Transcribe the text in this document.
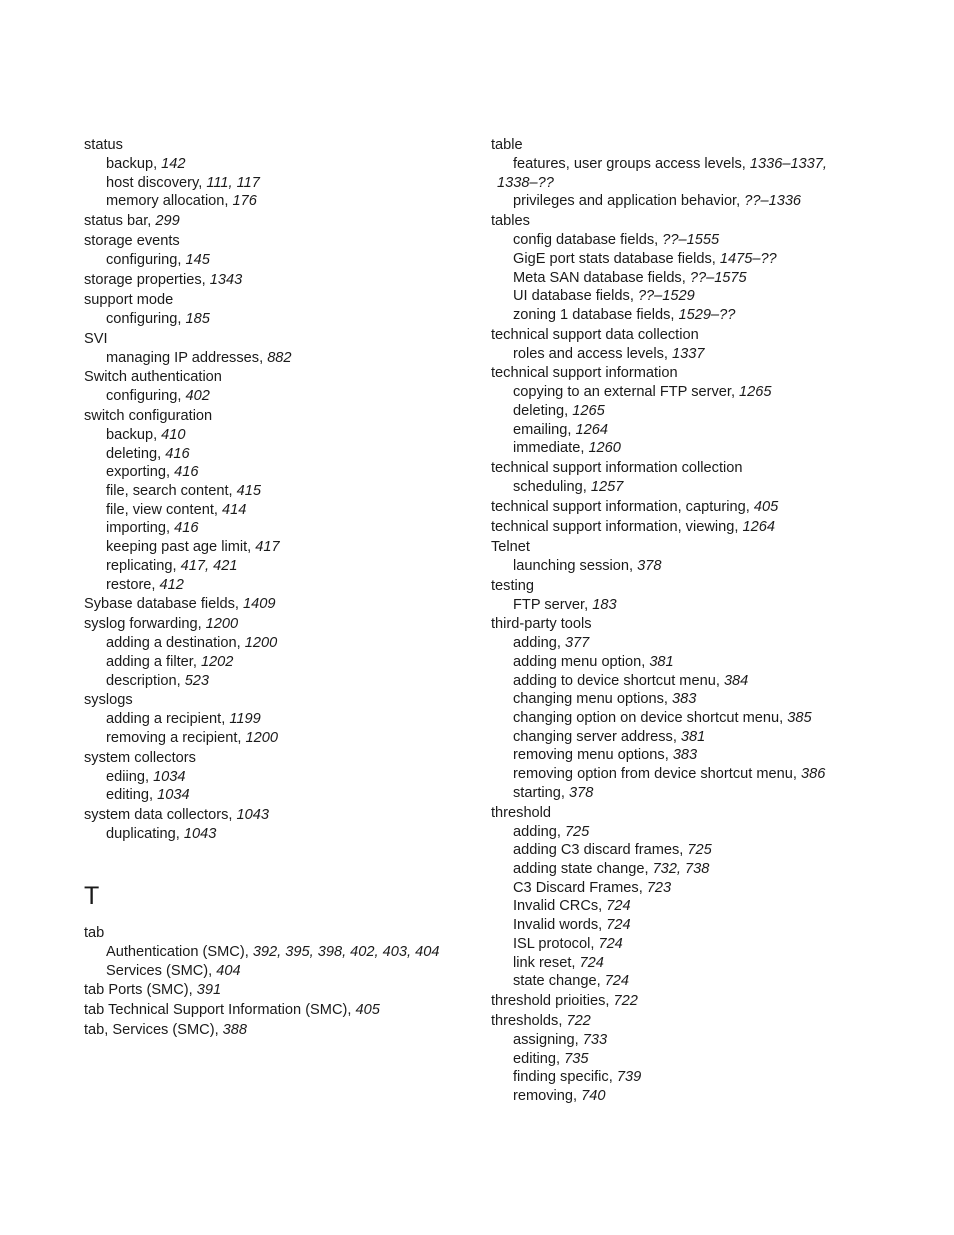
status
backup, 142
host discovery, 111, 117
memory allocation, 176
status bar, 299
storage events
configuring, 145
storage properties, 1343
support mode
configuring, 185
SVI
managing IP addresses, 882
Switch authentication
configuring, 402
switch configuration
backup, 410
deleting, 416
exporting, 416
file, search content, 415
file, view content, 414
importing, 416
keeping past age limit, 417
replicating, 417, 421
restore, 412
Sybase database fields, 1409
syslog forwarding, 1200
adding a destination, 1200
adding a filter, 1202
description, 523
syslogs
adding a recipient, 1199
removing a recipient, 1200
system collectors
ediing, 1034
editing, 1034
system data collectors, 1043
duplicating, 1043
T
tab
Authentication (SMC), 392, 395, 398, 402, 403, 404
Services (SMC), 404
tab Ports (SMC), 391
tab Technical Support Information (SMC), 405
tab, Services (SMC), 388
table
features, user groups access levels, 1336–1337,
1338–??
privileges and application behavior, ??–1336
tables
config database fields, ??–1555
GigE port stats database fields, 1475–??
Meta SAN database fields, ??–1575
UI database fields, ??–1529
zoning 1 database fields, 1529–??
technical support data collection
roles and access levels, 1337
technical support information
copying to an external FTP server, 1265
deleting, 1265
emailing, 1264
immediate, 1260
technical support information collection
scheduling, 1257
technical support information, capturing, 405
technical support information, viewing, 1264
Telnet
launching session, 378
testing
FTP server, 183
third-party tools
adding, 377
adding menu option, 381
adding to device shortcut menu, 384
changing menu options, 383
changing option on device shortcut menu, 385
changing server address, 381
removing menu options, 383
removing option from device shortcut menu, 386
starting, 378
threshold
adding, 725
adding C3 discard frames, 725
adding state change, 732, 738
C3 Discard Frames, 723
Invalid CRCs, 724
Invalid words, 724
ISL protocol, 724
link reset, 724
state change, 724
threshold prioities, 722
thresholds, 722
assigning, 733
editing, 735
finding specific, 739
removing, 740
